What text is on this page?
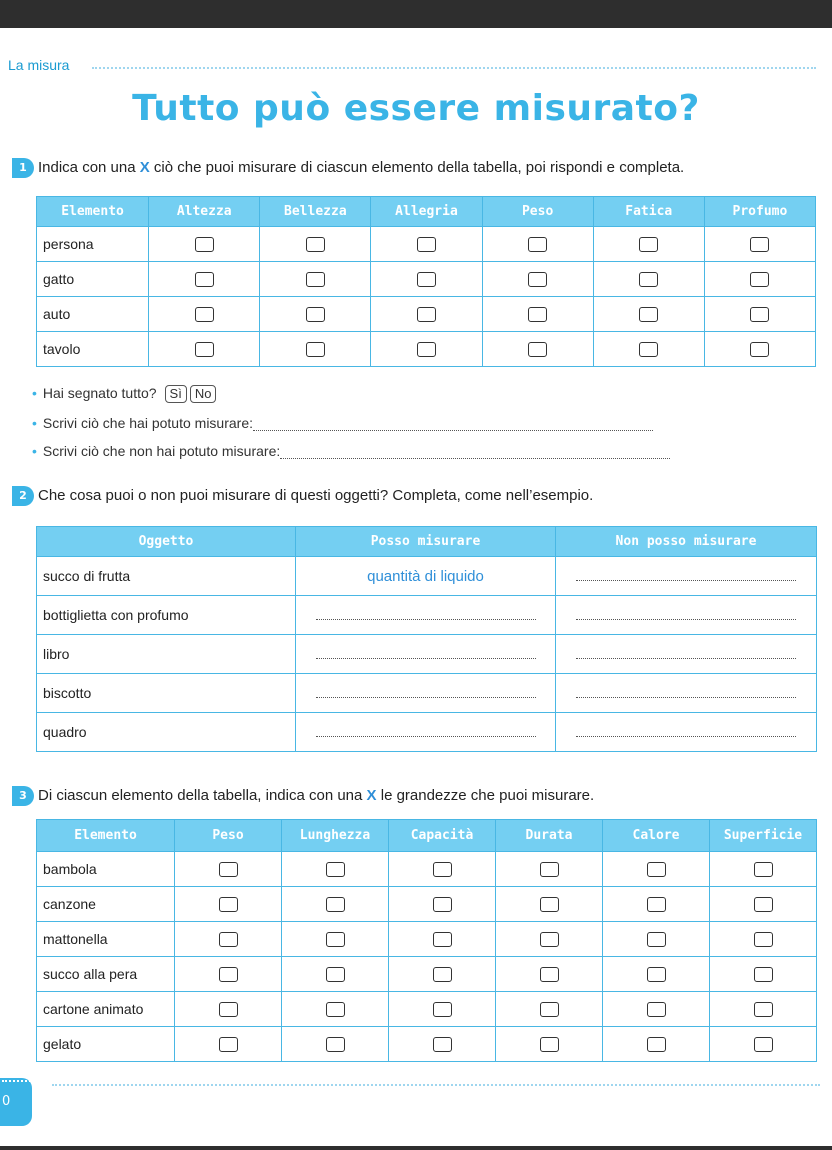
La misura
Tutto può essere misurato?
1 Indica con una X ciò che puoi misurare di ciascun elemento della tabella, poi rispondi e completa.
Elemento	Altezza	Bellezza	Allegria	Peso	Fatica	Profumo
persona						
gatto						
auto						
tavolo						
• Hai segnato tutto? Sì No
• Scrivi ciò che hai potuto misurare:
• Scrivi ciò che non hai potuto misurare:
2 Che cosa puoi o non puoi misurare di questi oggetti? Completa, come nell’esempio.
Oggetto	Posso misurare	Non posso misurare
succo di frutta	quantità di liquido	
bottiglietta con profumo		
libro		
biscotto		
quadro		
3 Di ciascun elemento della tabella, indica con una X le grandezze che puoi misurare.
Elemento	Peso	Lunghezza	Capacità	Durata	Calore	Superficie
bambola						
canzone						
mattonella						
succo alla pera						
cartone animato						
gelato						
0
